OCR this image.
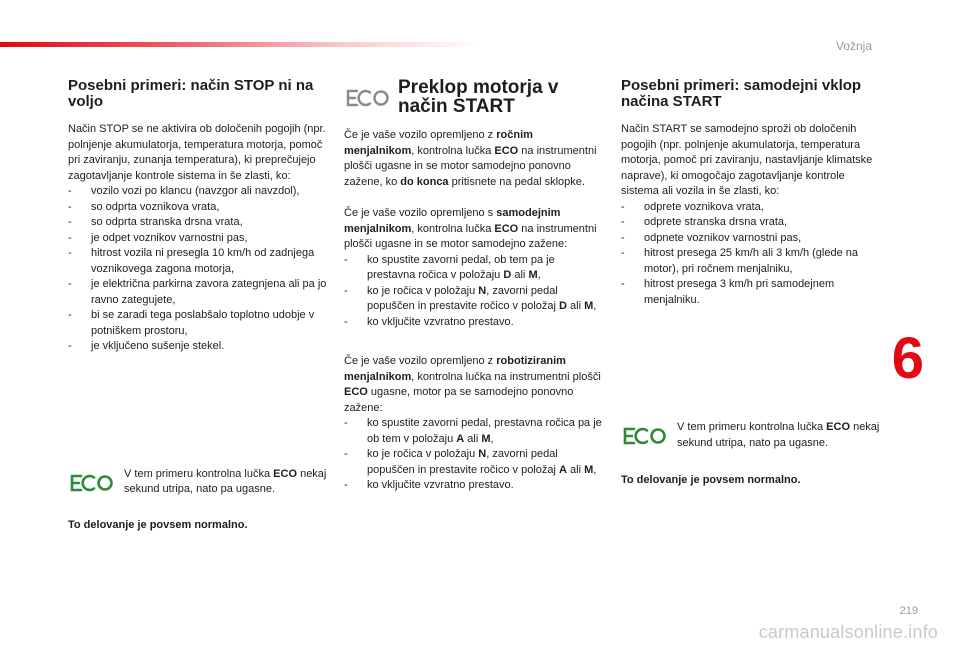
Vožnja
Posebni primeri: način STOP ni na voljo

Način STOP se ne aktivira ob določenih pogojih (npr. polnjenje akumulatorja, temperatura motorja, pomoč pri zaviranju, zunanja temperatura), ki preprečujejo zagotavljanje kontrole sistema in še zlasti, ko:

-	vozilo vozi po klancu (navzgor ali navzdol),
-	so odprta voznikova vrata,
-	so odprta stranska drsna vrata,
-	je odpet voznikov varnostni pas,
-	hitrost vozila ni presegla 10 km/h od zadnjega voznikovega zagona motorja,
-	je električna parkirna zavora zategnjena ali pa jo ravno zategujete,
-	bi se zaradi tega poslabšalo toplotno udobje v potniškem prostoru,
-	je vključeno sušenje stekel.

V tem primeru kontrolna lučka ECO nekaj sekund utripa, nato pa ugasne.

To delovanje je povsem normalno.

Preklop motorja v način START

Če je vaše vozilo opremljeno z ročnim menjalnikom, kontrolna lučka ECO na instrumentni plošči ugasne in se motor samodejno ponovno zažene, ko do konca pritisnete na pedal sklopke.

Če je vaše vozilo opremljeno s samodejnim menjalnikom, kontrolna lučka ECO na instrumentni plošči ugasne in se motor samodejno zažene:

-	ko spustite zavorni pedal, ob tem pa je prestavna ročica v položaju D ali M,
-	ko je ročica v položaju N, zavorni pedal popuščen in prestavite ročico v položaj D ali M,
-	ko vključite vzvratno prestavo.

Če je vaše vozilo opremljeno z robotiziranim menjalnikom, kontrolna lučka na instrumentni plošči ECO ugasne, motor pa se samodejno ponovno zažene:

-	ko spustite zavorni pedal, prestavna ročica pa je ob tem v položaju A ali M,
-	ko je ročica v položaju N, zavorni pedal popuščen in prestavite ročico v položaj A ali M,
-	ko vključite vzvratno prestavo.
Posebni primeri: samodejni vklop načina START

Način START se samodejno sproži ob določenih pogojih (npr. polnjenje akumulatorja, temperatura motorja, pomoč pri zaviranju, nastavljanje klimatske naprave), ki omogočajo zagotavljanje kontrole sistema ali vozila in še zlasti, ko:

-	odprete voznikova vrata,
-	odprete stranska drsna vrata,
-	odpnete voznikov varnostni pas,
-	hitrost presega 25 km/h ali 3 km/h (glede na motor), pri ročnem menjalniku,
-	hitrost presega 3 km/h pri samodejnem menjalniku.

V tem primeru kontrolna lučka ECO nekaj sekund utripa, nato pa ugasne.

To delovanje je povsem normalno.

6
219
carmanualsonline.info
